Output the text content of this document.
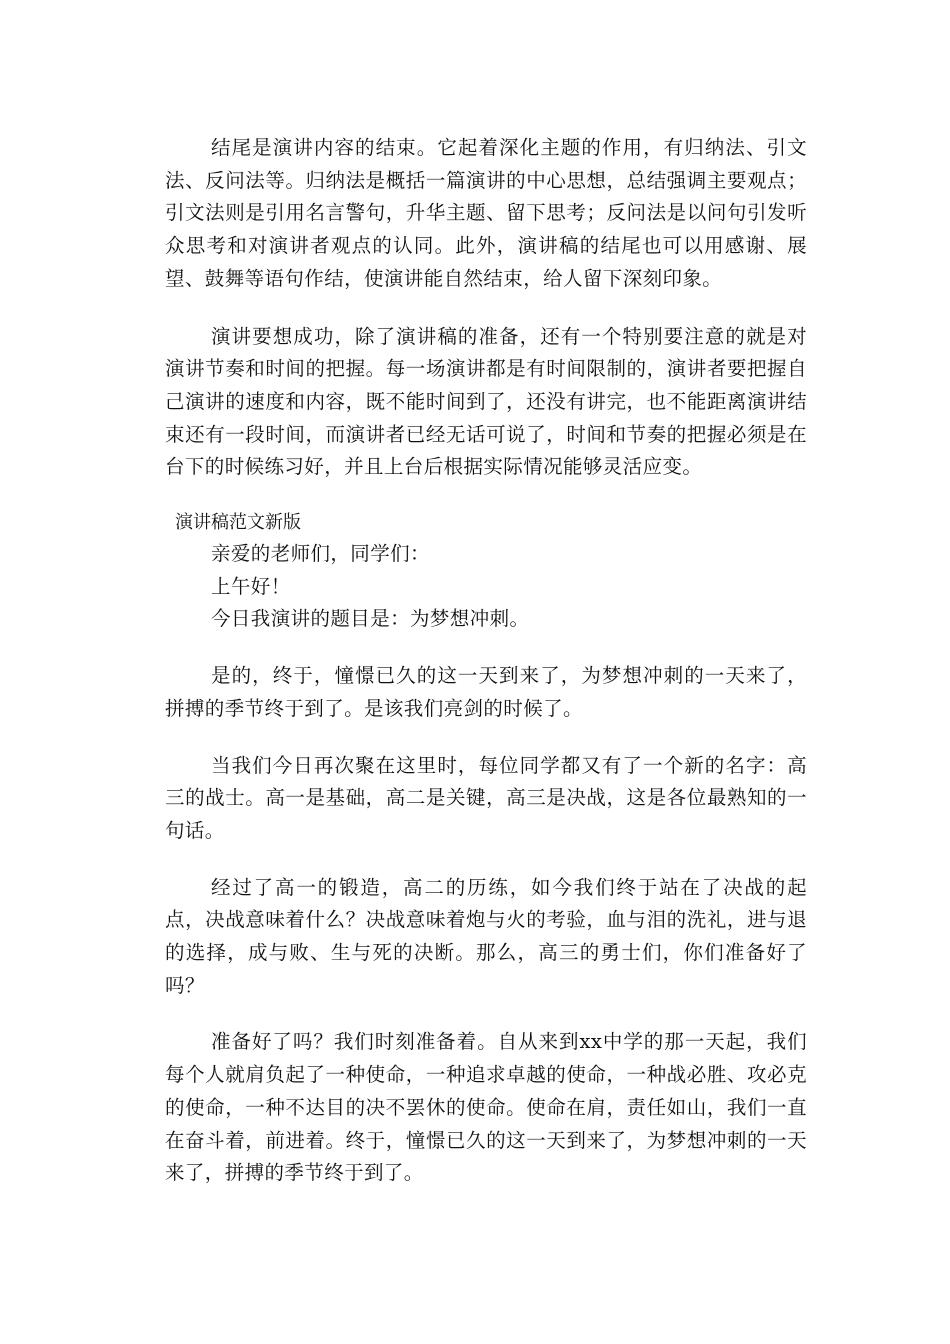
结尾是演讲内容的结束。它起着深化主题的作用，有归纳法、引文法、反问法等。归纳法是概括一篇演讲的中心思想，总结强调主要观点；引文法则是引用名言警句，升华主题、留下思考；反问法是以问句引发听众思考和对演讲者观点的认同。此外，演讲稿的结尾也可以用感谢、展望、鼓舞等语句作结，使演讲能自然结束，给人留下深刻印象。

演讲要想成功，除了演讲稿的准备，还有一个特别要注意的就是对演讲节奏和时间的把握。每一场演讲都是有时间限制的，演讲者要把握自己演讲的速度和内容，既不能时间到了，还没有讲完，也不能距离演讲结束还有一段时间，而演讲者已经无话可说了，时间和节奏的把握必须是在台下的时候练习好，并且上台后根据实际情况能够灵活应变。

演讲稿范文新版

亲爱的老师们，同学们：

上午好！

今日我演讲的题目是：为梦想冲刺。

是的，终于，憧憬已久的这一天到来了，为梦想冲刺的一天来了，拼搏的季节终于到了。是该我们亮剑的时候了。

当我们今日再次聚在这里时，每位同学都又有了一个新的名字：高三的战士。高一是基础，高二是关键，高三是决战，这是各位最熟知的一句话。

经过了高一的锻造，高二的历练，如今我们终于站在了决战的起点，决战意味着什么？决战意味着炮与火的考验，血与泪的洗礼，进与退的选择，成与败、生与死的决断。那么，高三的勇士们，你们准备好了吗？

准备好了吗？我们时刻准备着。自从来到xx中学的那一天起，我们每个人就肩负起了一种使命，一种追求卓越的使命，一种战必胜、攻必克的使命，一种不达目的决不罢休的使命。使命在肩，责任如山，我们一直在奋斗着，前进着。终于，憧憬已久的这一天到来了，为梦想冲刺的一天来了，拼搏的季节终于到了。
